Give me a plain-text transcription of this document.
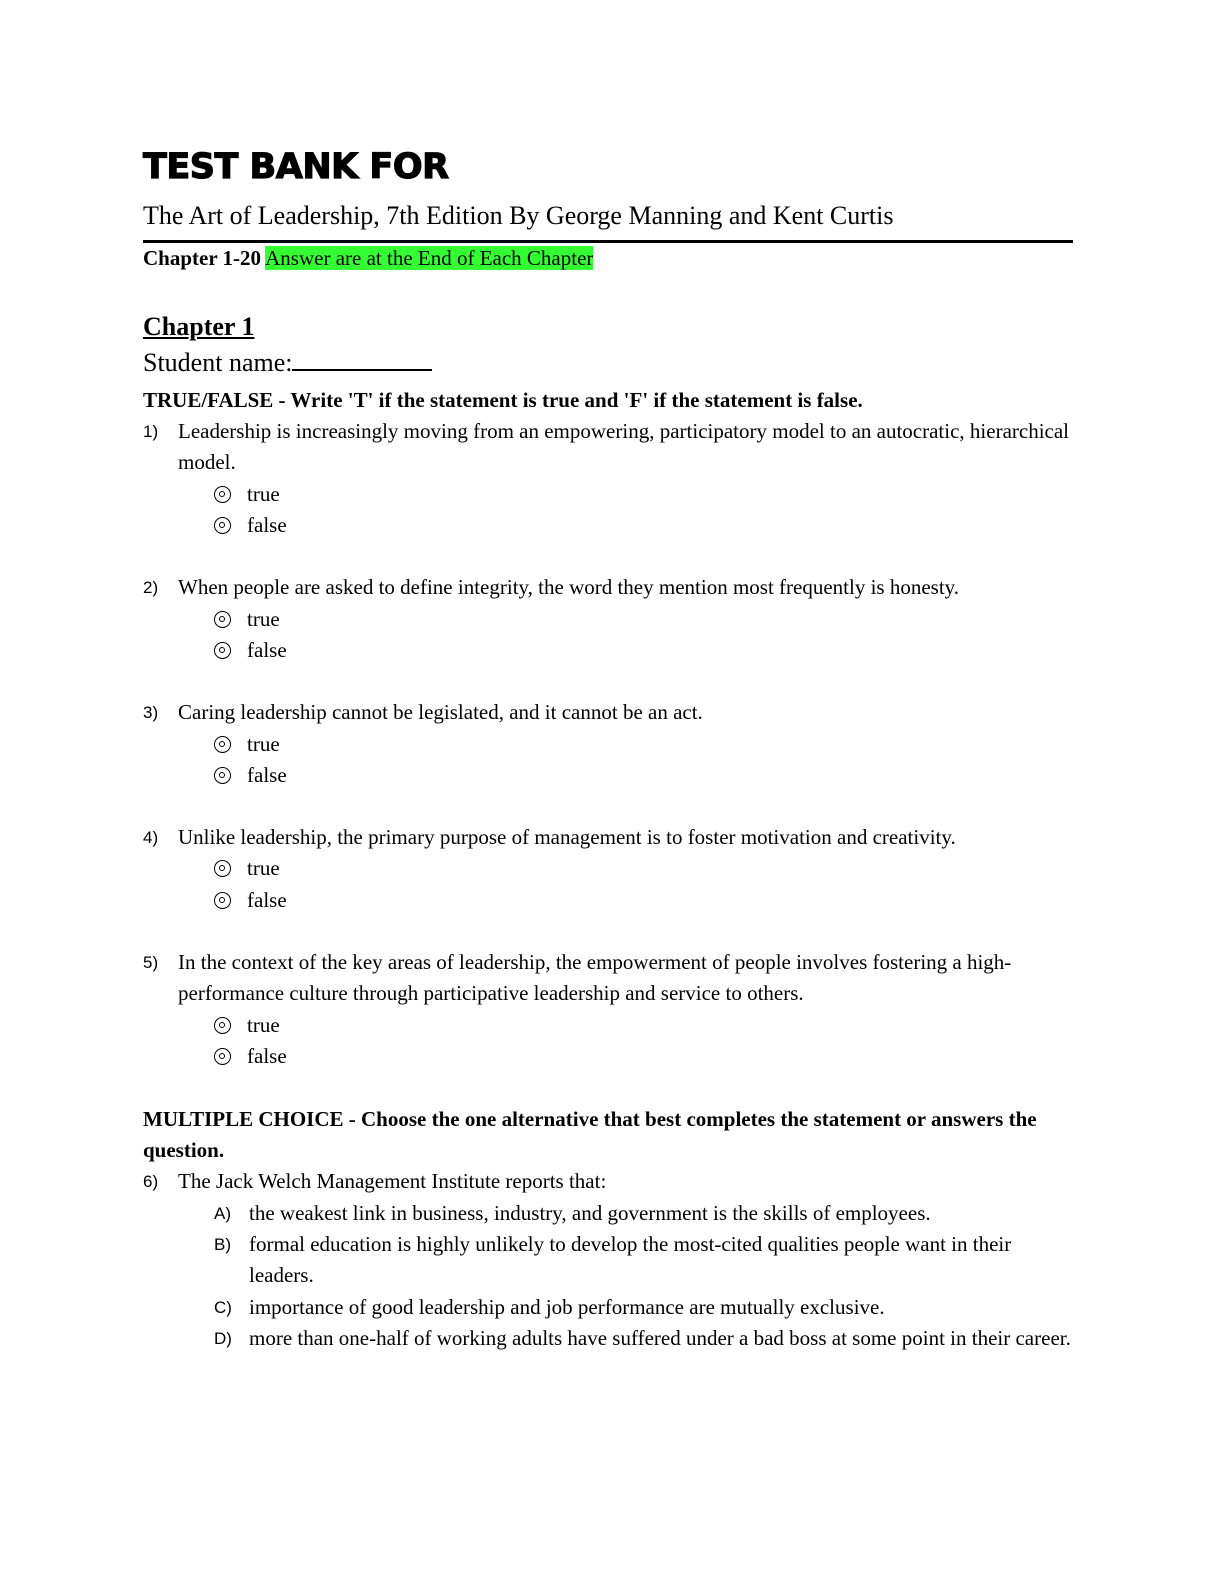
TEST BANK FOR
The Art of Leadership, 7th Edition By George Manning and Kent Curtis
Chapter 1-20 Answer are at the End of Each Chapter
Chapter 1
Student name:
TRUE/FALSE - Write 'T' if the statement is true and 'F' if the statement is false.
1) Leadership is increasingly moving from an empowering, participatory model to an autocratic, hierarchical model.
true
false
2) When people are asked to define integrity, the word they mention most frequently is honesty.
true
false
3) Caring leadership cannot be legislated, and it cannot be an act.
true
false
4) Unlike leadership, the primary purpose of management is to foster motivation and creativity.
true
false
5) In the context of the key areas of leadership, the empowerment of people involves fostering a high-performance culture through participative leadership and service to others.
true
false
MULTIPLE CHOICE - Choose the one alternative that best completes the statement or answers the question.
6) The Jack Welch Management Institute reports that:
A) the weakest link in business, industry, and government is the skills of employees.
B) formal education is highly unlikely to develop the most-cited qualities people want in their leaders.
C) importance of good leadership and job performance are mutually exclusive.
D) more than one-half of working adults have suffered under a bad boss at some point in their career.
